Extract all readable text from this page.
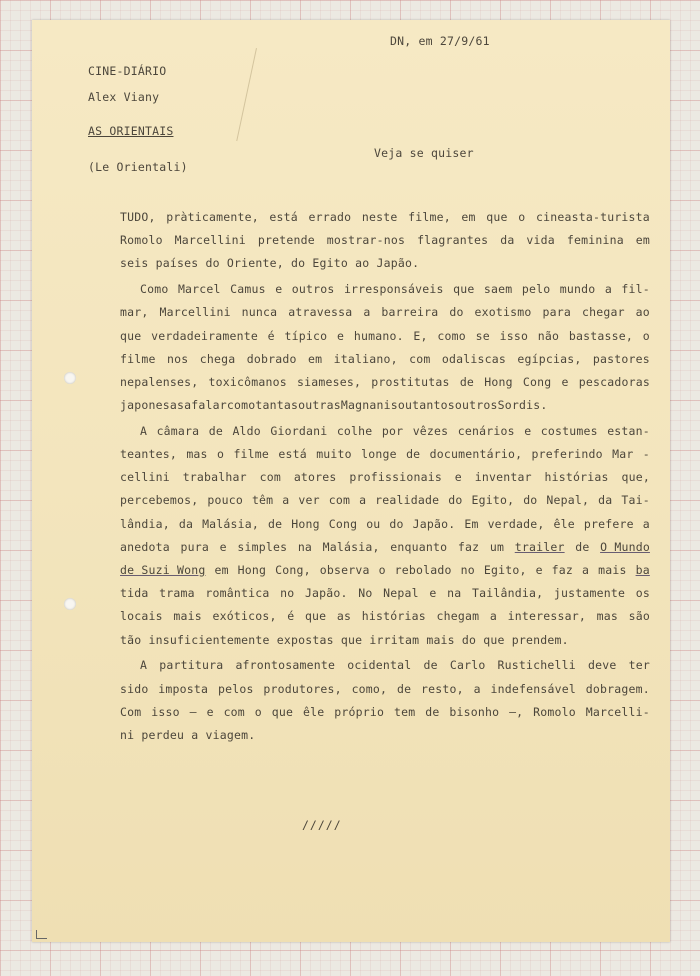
DN, em 27/9/61
CINE-DIÁRIO
Alex Viany
AS ORIENTAIS
Veja se quiser
(Le Orientali)
TUDO, pràticamente, está errado neste filme, em que o cineasta-turista
Romolo Marcellini pretende mostrar-nos flagrantes da vida feminina em
seis países do Oriente, do Egito ao Japão.
Como Marcel Camus e outros irresponsáveis que saem pelo mundo a fil-
mar, Marcellini nunca atravessa a barreira do exotismo para chegar ao
que verdadeiramente é típico e humano. E, como se isso não bastasse, o
filme nos chega dobrado em italiano, com odaliscas egípcias, pastores
nepalenses, toxicômanos siameses, prostitutas de Hong Cong e pescadoras
japonesasafalarcomotantasoutrasMagnanisoutantosoutrosSordis.
A câmara de Aldo Giordani colhe por vêzes cenários e costumes estan-
teantes, mas o filme está muito longe de documentário, preferindo Mar -
cellini trabalhar com atores profissionais e inventar histórias que,
percebemos, pouco têm a ver com a realidade do Egito, do Nepal, da Tai-
lândia, da Malásia, de Hong Cong ou do Japão. Em verdade, êle prefere a
anedota pura e simples na Malásia, enquanto faz um trailer de O Mundo
de Suzi Wong em Hong Cong, observa o rebolado no Egito, e faz a mais ba
tida trama romântica no Japão. No Nepal e na Tailândia, justamente os
locais mais exóticos, é que as histórias chegam a interessar, mas são
tão insuficientemente expostas que irritam mais do que prendem.
A partitura afrontosamente ocidental de Carlo Rustichelli deve ter
sido imposta pelos produtores, como, de resto, a indefensável dobragem.
Com isso — e com o que êle próprio tem de bisonho —, Romolo Marcelli-
ni perdeu a viagem.
/////
